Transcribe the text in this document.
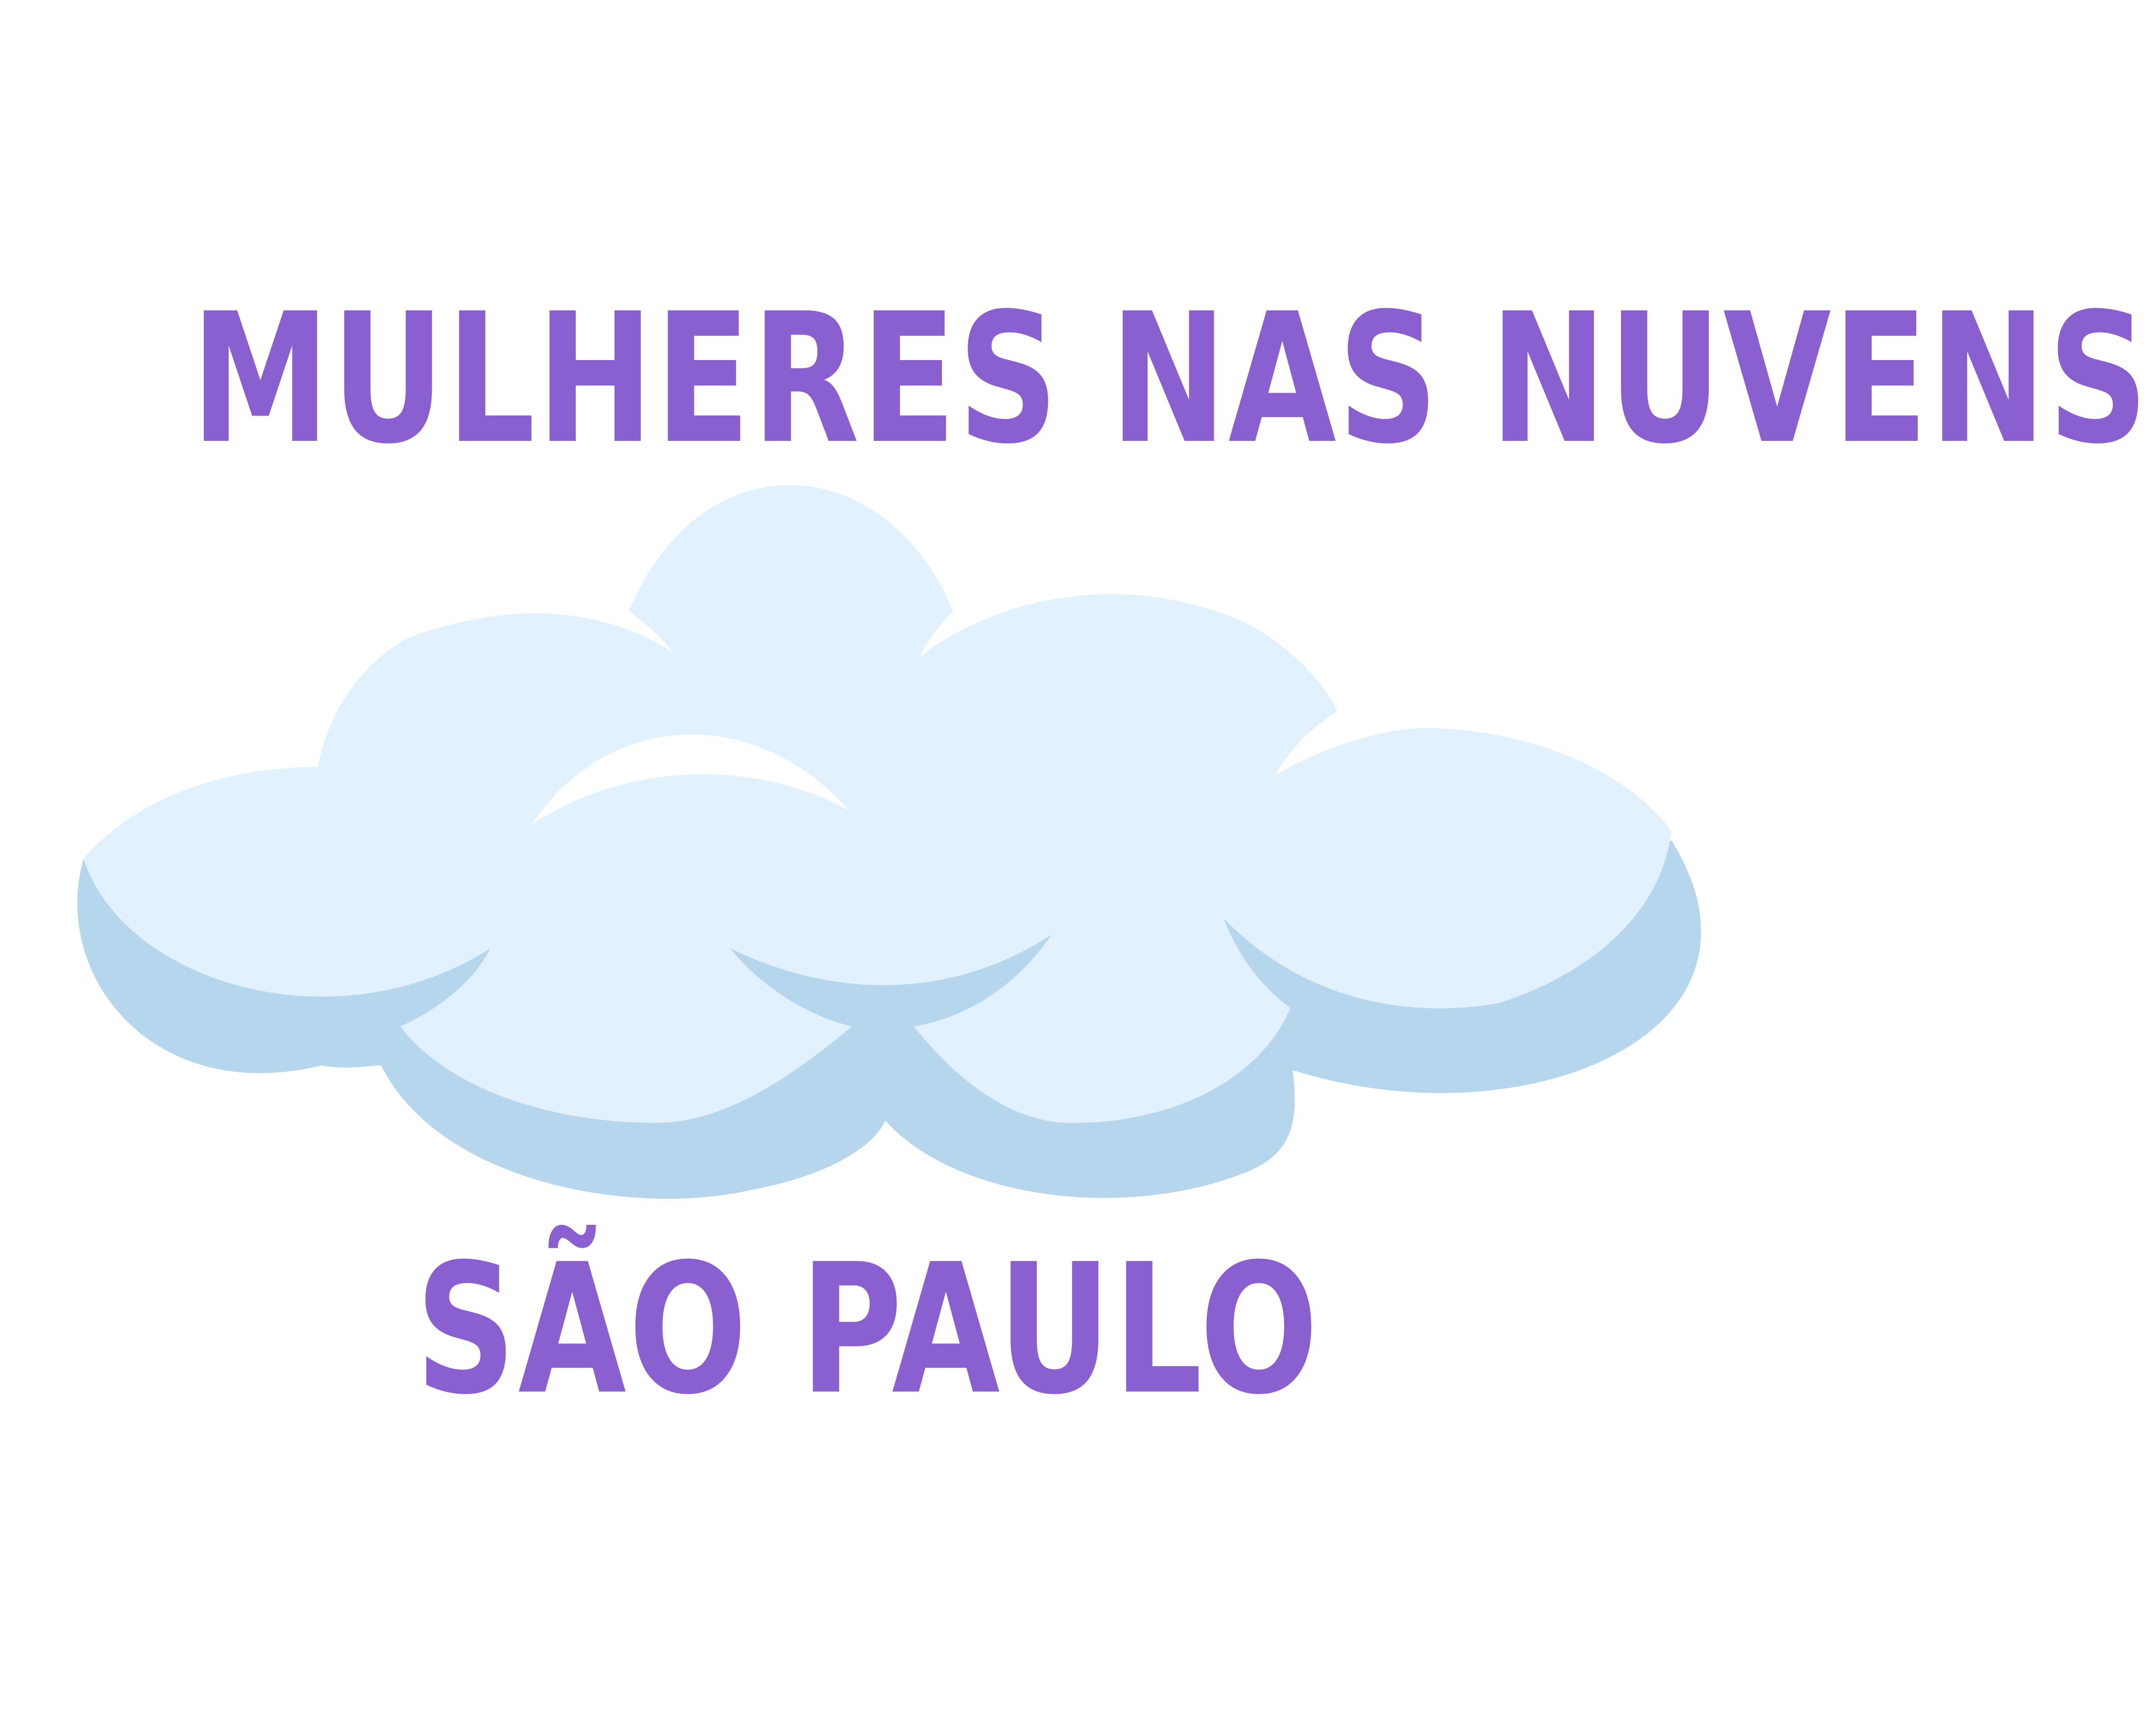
MULHERES NAS NUVENS
SÃO PAULO
